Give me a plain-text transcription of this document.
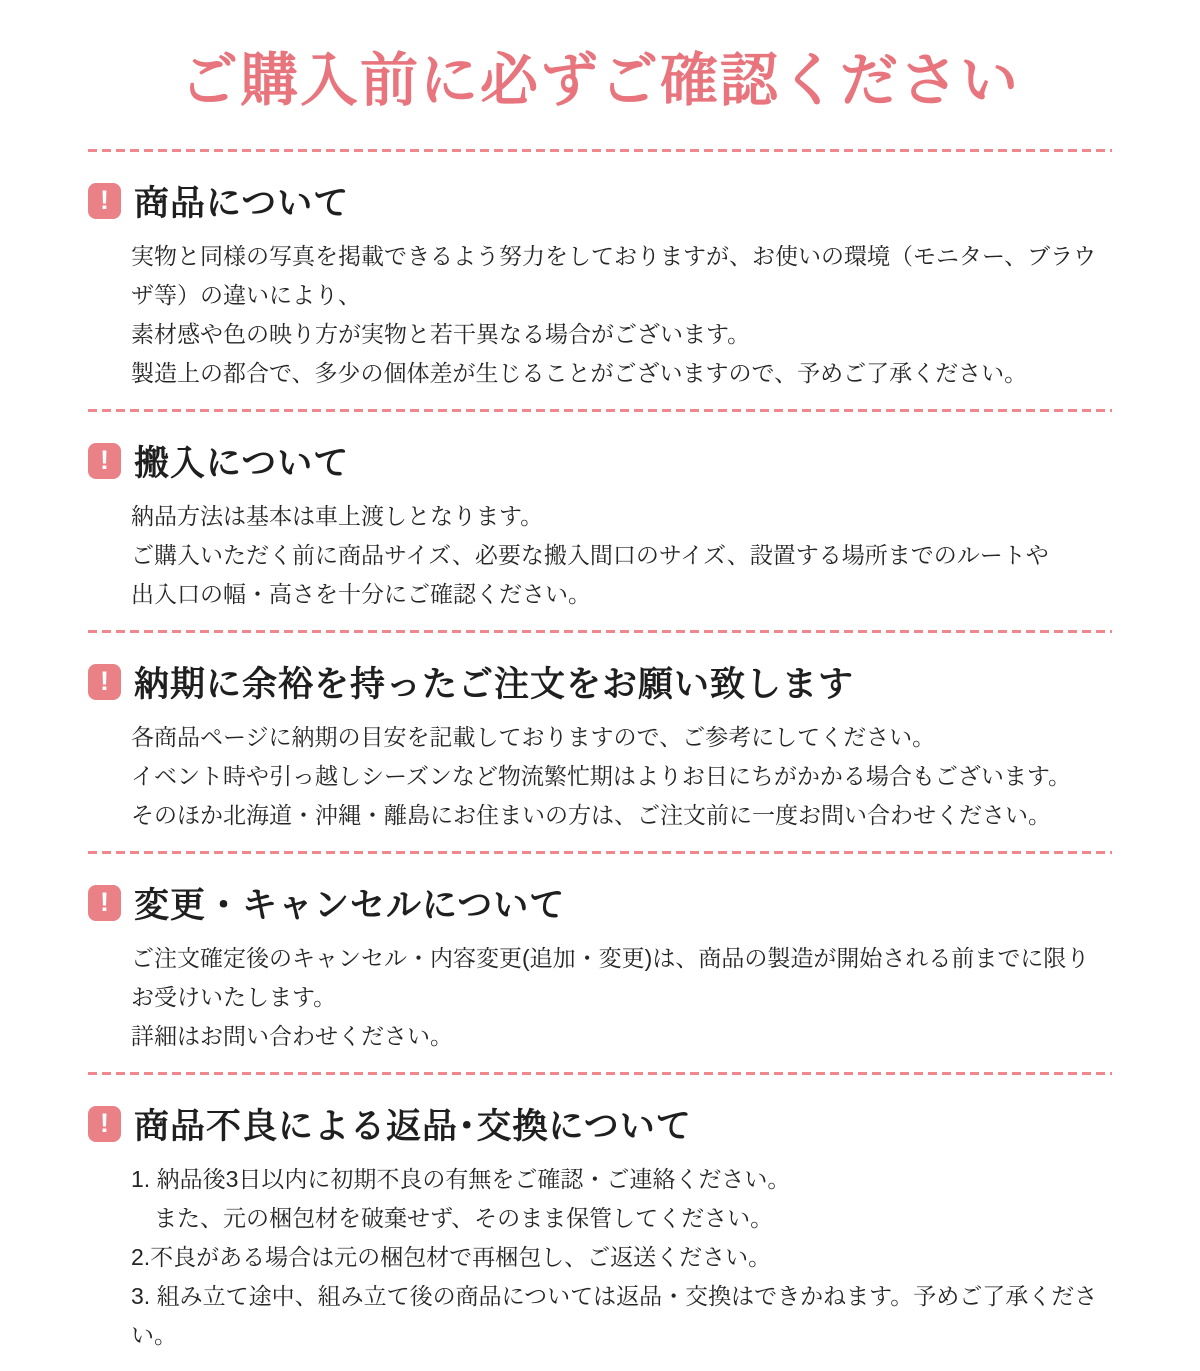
ご購入前に必ずご確認ください
! 商品について
実物と同様の写真を掲載できるよう努力をしておりますが、お使いの環境（モニター、ブラウザ等）の違いにより、
素材感や色の映り方が実物と若干異なる場合がございます。
製造上の都合で、多少の個体差が生じることがございますので、予めご了承ください。
! 搬入について
納品方法は基本は車上渡しとなります。
ご購入いただく前に商品サイズ、必要な搬入間口のサイズ、設置する場所までのルートや
出入口の幅・高さを十分にご確認ください。
! 納期に余裕を持ったご注文をお願い致します
各商品ページに納期の目安を記載しておりますので、ご参考にしてください。
イベント時や引っ越しシーズンなど物流繁忙期はよりお日にちがかかる場合もございます。
そのほか北海道・沖縄・離島にお住まいの方は、ご注文前に一度お問い合わせください。
! 変更・キャンセルについて
ご注文確定後のキャンセル・内容変更(追加・変更)は、商品の製造が開始される前までに限りお受けいたします。
詳細はお問い合わせください。
! 商品不良による返品･交換について
1. 納品後3日以内に初期不良の有無をご確認・ご連絡ください。
　また、元の梱包材を破棄せず、そのまま保管してください。
2.不良がある場合は元の梱包材で再梱包し、ご返送ください。
3. 組み立て途中、組み立て後の商品については返品・交換はできかねます。予めご了承ください。
